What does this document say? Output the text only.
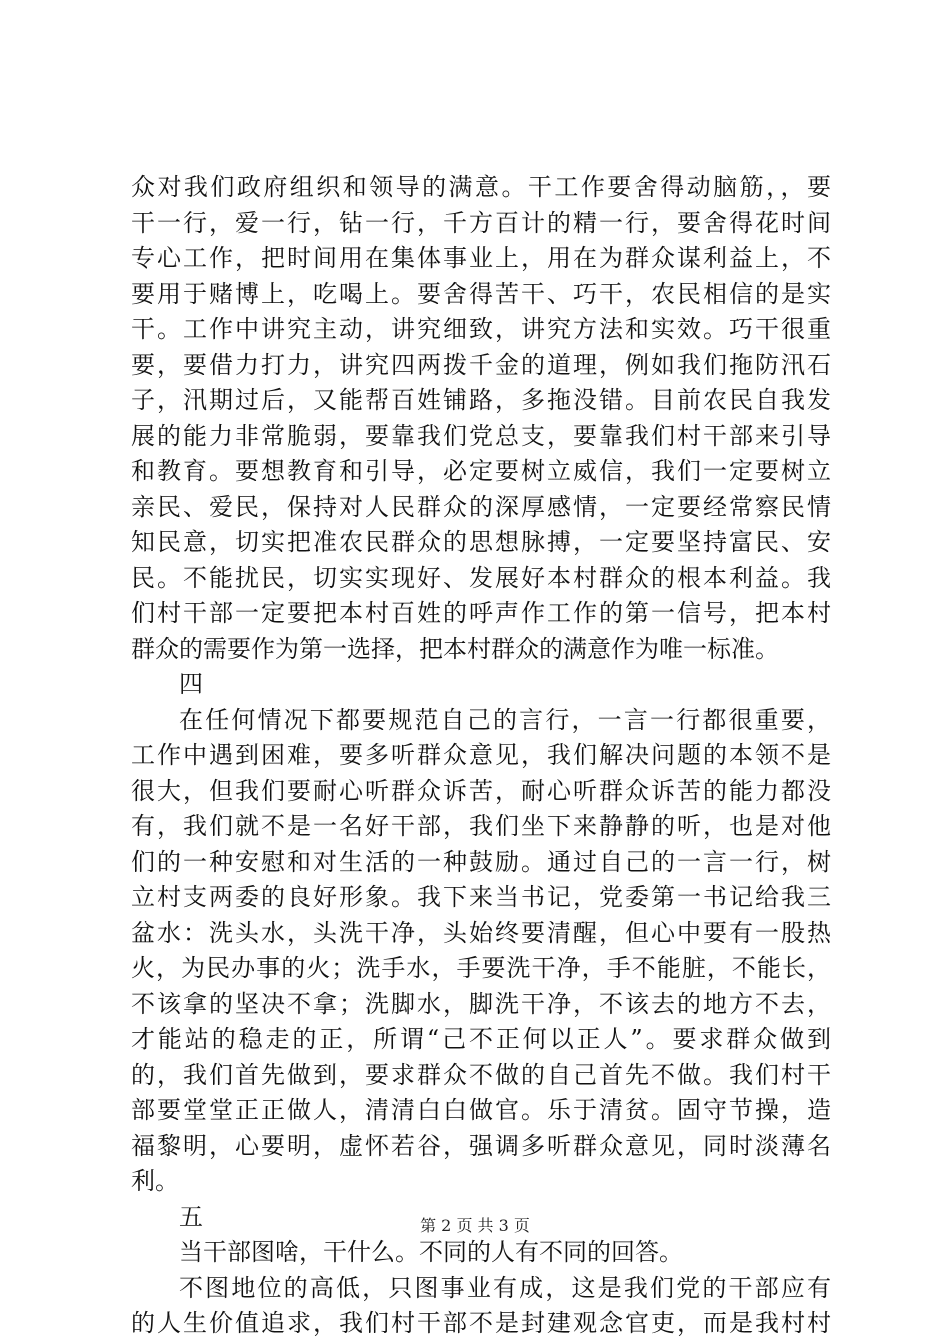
众对我们政府组织和领导的满意。干工作要舍得动脑筋，，要
干一行，爱一行，钻一行，千方百计的精一行，要舍得花时间
专心工作，把时间用在集体事业上，用在为群众谋利益上，不
要用于赌博上，吃喝上。要舍得苦干、巧干，农民相信的是实
干。工作中讲究主动，讲究细致，讲究方法和实效。巧干很重
要，要借力打力，讲究四两拨千金的道理，例如我们拖防汛石
子，汛期过后，又能帮百姓铺路，多拖没错。目前农民自我发
展的能力非常脆弱，要靠我们党总支，要靠我们村干部来引导
和教育。要想教育和引导，必定要树立威信，我们一定要树立
亲民、爱民，保持对人民群众的深厚感情，一定要经常察民情
知民意，切实把准农民群众的思想脉搏，一定要坚持富民、安
民。不能扰民，切实实现好、发展好本村群众的根本利益。我
们村干部一定要把本村百姓的呼声作工作的第一信号，把本村
群众的需要作为第一选择，把本村群众的满意作为唯一标准。
四
在任何情况下都要规范自己的言行，一言一行都很重要，
工作中遇到困难，要多听群众意见，我们解决问题的本领不是
很大，但我们要耐心听群众诉苦，耐心听群众诉苦的能力都没
有，我们就不是一名好干部，我们坐下来静静的听，也是对他
们的一种安慰和对生活的一种鼓励。通过自己的一言一行，树
立村支两委的良好形象。我下来当书记，党委第一书记给我三
盆水：洗头水，头洗干净，头始终要清醒，但心中要有一股热
火，为民办事的火；洗手水，手要洗干净，手不能脏，不能长，
不该拿的坚决不拿；洗脚水，脚洗干净，不该去的地方不去，
才能站的稳走的正，所谓“己不正何以正人”。要求群众做到
的，我们首先做到，要求群众不做的自己首先不做。我们村干
部要堂堂正正做人，清清白白做官。乐于清贫。固守节操，造
福黎明，心要明，虚怀若谷，强调多听群众意见，同时淡薄名
利。
五
当干部图啥，干什么。不同的人有不同的回答。
不图地位的高低，只图事业有成，这是我们党的干部应有
的人生价值追求，我们村干部不是封建观念官吏，而是我村村
第 2 页 共 3 页
